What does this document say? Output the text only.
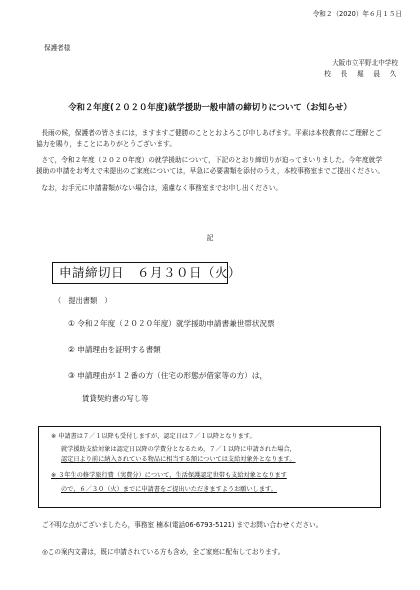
令和２（2020）年６月１５日
保護者様
大阪市立平野北中学校
校　長　堀　晨　久
令和２年度(２０２０年度)就学援助一般申請の締切りについて（お知らせ）
長雨の候，保護者の皆さまには，ますますご健勝のこととおよろこび申しあげます。平素は本校教育にご理解とご協力を賜り，まことにありがとうございます。
さて，令和２年度（２０２０年度）の就学援助について，下記のとおり締切りが迫ってまいりました。今年度就学援助の申請をお考えで未提出のご家庭については，早急に必要書類を添付のうえ，本校事務室までご提出ください。
なお，お手元に申請書類がない場合は，遠慮なく事務室までお申し出ください。
記
申請締切日　６月３０日（火）
（　提出書類　）
① 令和２年度（２０２０年度）就学援助申請書兼世帯状況票
② 申請理由を証明する書類
③ 申請理由が１２番の方（住宅の形態が借家等の方）は，
賃貸契約書の写し等
※ 申請書は７／１以降も受付しますが，認定日は７／１以降となります。
就学援助支給対象は認定日以降の学費分となるため，７／１以降に申請された場合，
認定日より前に納入されている物品に相当する額については支給対象外となります。
※ ３年生の修学旅行費（実費分）について，生活保護認定世帯も支給対象となります
ので，６／３０（火）までに申請書をご提出いただきますようお願いします。
ご不明な点がございましたら，事務室 楠本(電話06-6793-5121) までお問い合わせください。
◎この案内文書は，既に申請されている方も含め，全ご家庭に配布しております。
